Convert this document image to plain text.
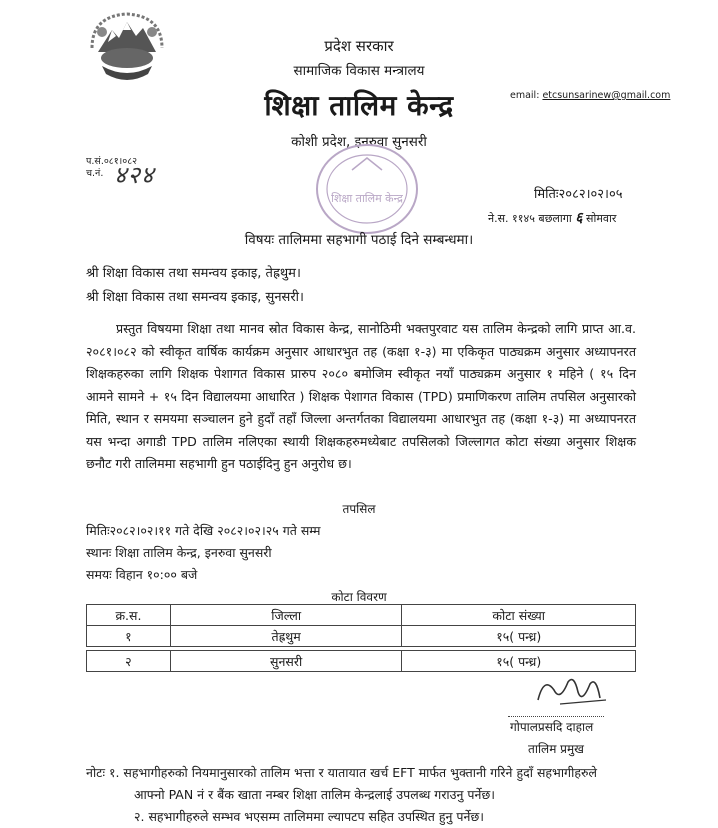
प्रदेश सरकार
सामाजिक विकास मन्त्रालय
शिक्षा तालिम केन्द्र
कोशी प्रदेश, इनरुवा सुनसरी
email: etcsunsarinew@gmail.com
प.सं.०८१।०८२
च.नं. ४२४
शिक्षा तालिम केन्द्र	मितिः२०८२।०२।०५
ने.स. ११४५ बछलागा ६ सोमवार
विषयः तालिममा सहभागी पठाई दिने सम्बन्धमा।
श्री शिक्षा विकास तथा समन्वय इकाइ, तेह्रथुम।
श्री शिक्षा विकास तथा समन्वय इकाइ, सुनसरी।
प्रस्तुत विषयमा शिक्षा तथा मानव स्रोत विकास केन्द्र, सानोठिमी भक्तपुरवाट यस तालिम केन्द्रको लागि प्राप्त आ.व. २०८१।०८२ को स्वीकृत वार्षिक कार्यक्रम अनुसार आधारभुत तह (कक्षा १-३) मा एकिकृत पाठ्यक्रम अनुसार अध्यापनरत शिक्षकहरुका लागि शिक्षक पेशागत विकास प्रारुप २०८० बमोजिम स्वीकृत नयाँ पाठ्यक्रम अनुसार १ महिने ( १५ दिन आमने सामने + १५ दिन विद्यालयमा आधारित ) शिक्षक पेशागत विकास (TPD) प्रमाणिकरण तालिम तपसिल अनुसारको मिति, स्थान र समयमा सञ्चालन हुने हुदाँ तहाँ जिल्ला अन्तर्गतका विद्यालयमा आधारभुत तह (कक्षा १-३) मा अध्यापनरत यस भन्दा अगाडी TPD तालिम नलिएका स्थायी शिक्षकहरुमध्येबाट तपसिलको जिल्लागत कोटा संख्या अनुसार शिक्षक छनौट गरी तालिममा सहभागी हुन पठाईदिनु हुन अनुरोध छ।
तपसिल
मितिः२०८२।०२।११ गते देखि २०८२।०२।२५ गते सम्म
स्थानः शिक्षा तालिम केन्द्र, इनरुवा सुनसरी
समयः विहान १०:०० बजे
कोटा विवरण
क्र.स.	जिल्ला	कोटा संख्या
१	तेह्रथुम	१५( पन्ध्र)

२	सुनसरी	१५( पन्ध्र)
गोपालप्रसदि दाहाल
तालिम प्रमुख
नोटः १. सहभागीहरुको नियमानुसारको तालिम भत्ता र यातायात खर्च EFT मार्फत भुक्तानी गरिने हुदाँ सहभागीहरुले
आफ्नो PAN नं र बैंक खाता नम्बर शिक्षा तालिम केन्द्रलाई उपलब्ध गराउनु पर्नेछ।
२. सहभागीहरुले सम्भव भएसम्म तालिममा ल्यापटप सहित उपस्थित हुनु पर्नेछ।
